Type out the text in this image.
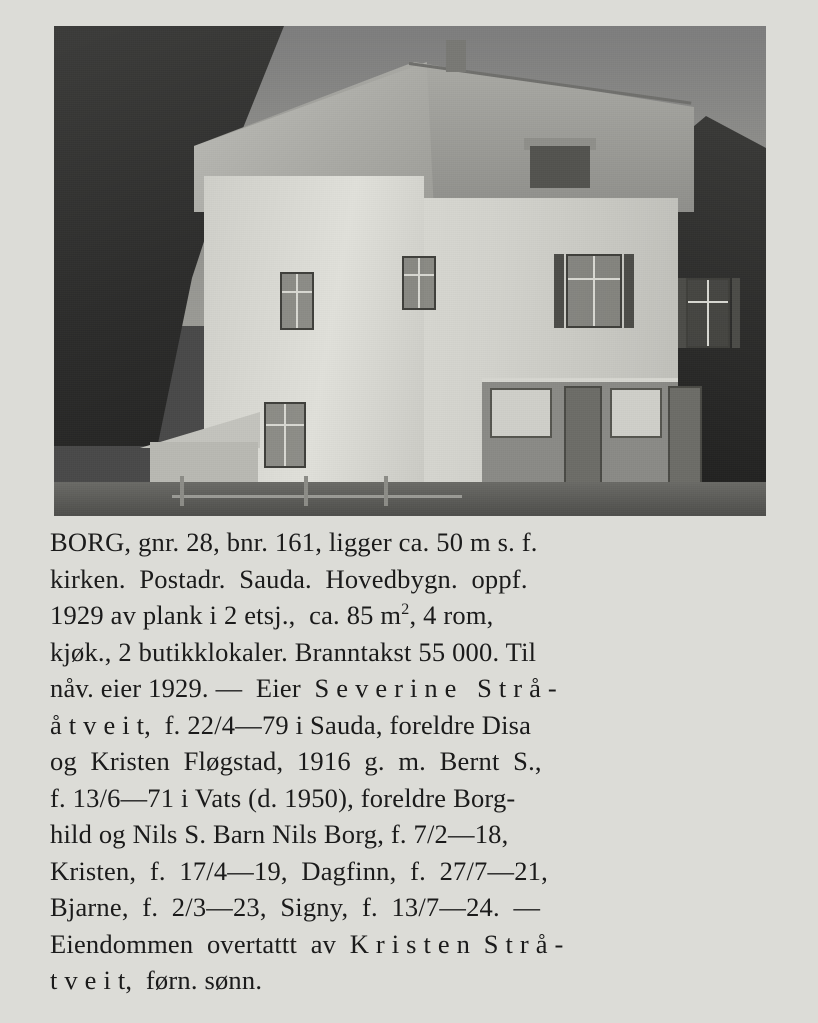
BORG, gnr. 28, bnr. 161, ligger ca. 50 m s. f.
kirken.  Postadr.  Sauda.  Hovedbygn.  oppf.
1929 av plank i 2 etsj.,  ca. 85 $m^2$, 4 rom,
kjøk., 2 butikklokaler. Branntakst 55 000. Til
nåv. eier 1929. —  Eier  S e v e r i n e   S t r å -
å t v e i t,  f. 22/4—79 i Sauda, foreldre Disa
og  Kristen  Fløgstad,  1916  g.  m.  Bernt  S.,
f. 13/6—71 i Vats (d. 1950), foreldre Borg-
hild og Nils S. Barn Nils Borg, f. 7/2—18,
Kristen,  f.  17/4—19,  Dagfinn,  f.  27/7—21,
Bjarne,  f.  2/3—23,  Signy,  f.  13/7—24.  —
Eiendommen  overtattt  av  K r i s t e n  S t r å -
t v e i t,  førn. sønn.
